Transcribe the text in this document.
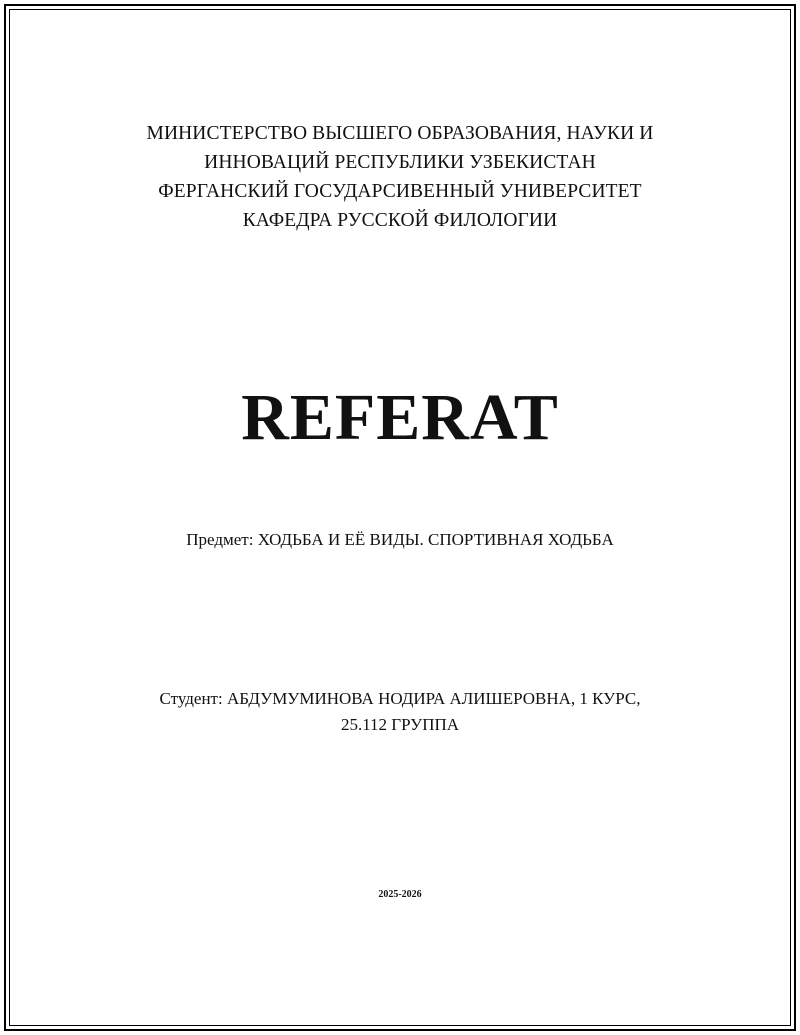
МИНИСТЕРСТВО ВЫСШЕГО ОБРАЗОВАНИЯ, НАУКИ И
ИННОВАЦИЙ РЕСПУБЛИКИ УЗБЕКИСТАН
ФЕРГАНСКИЙ ГОСУДАРСИВЕННЫЙ УНИВЕРСИТЕТ
КАФЕДРА РУССКОЙ ФИЛОЛОГИИ
REFERAT
Предмет: ХОДЬБА И ЕЁ ВИДЫ. СПОРТИВНАЯ ХОДЬБА
Студент: АБДУМУМИНОВА НОДИРА АЛИШЕРОВНА, 1 КУРС,
25.112 ГРУППА
2025-2026
